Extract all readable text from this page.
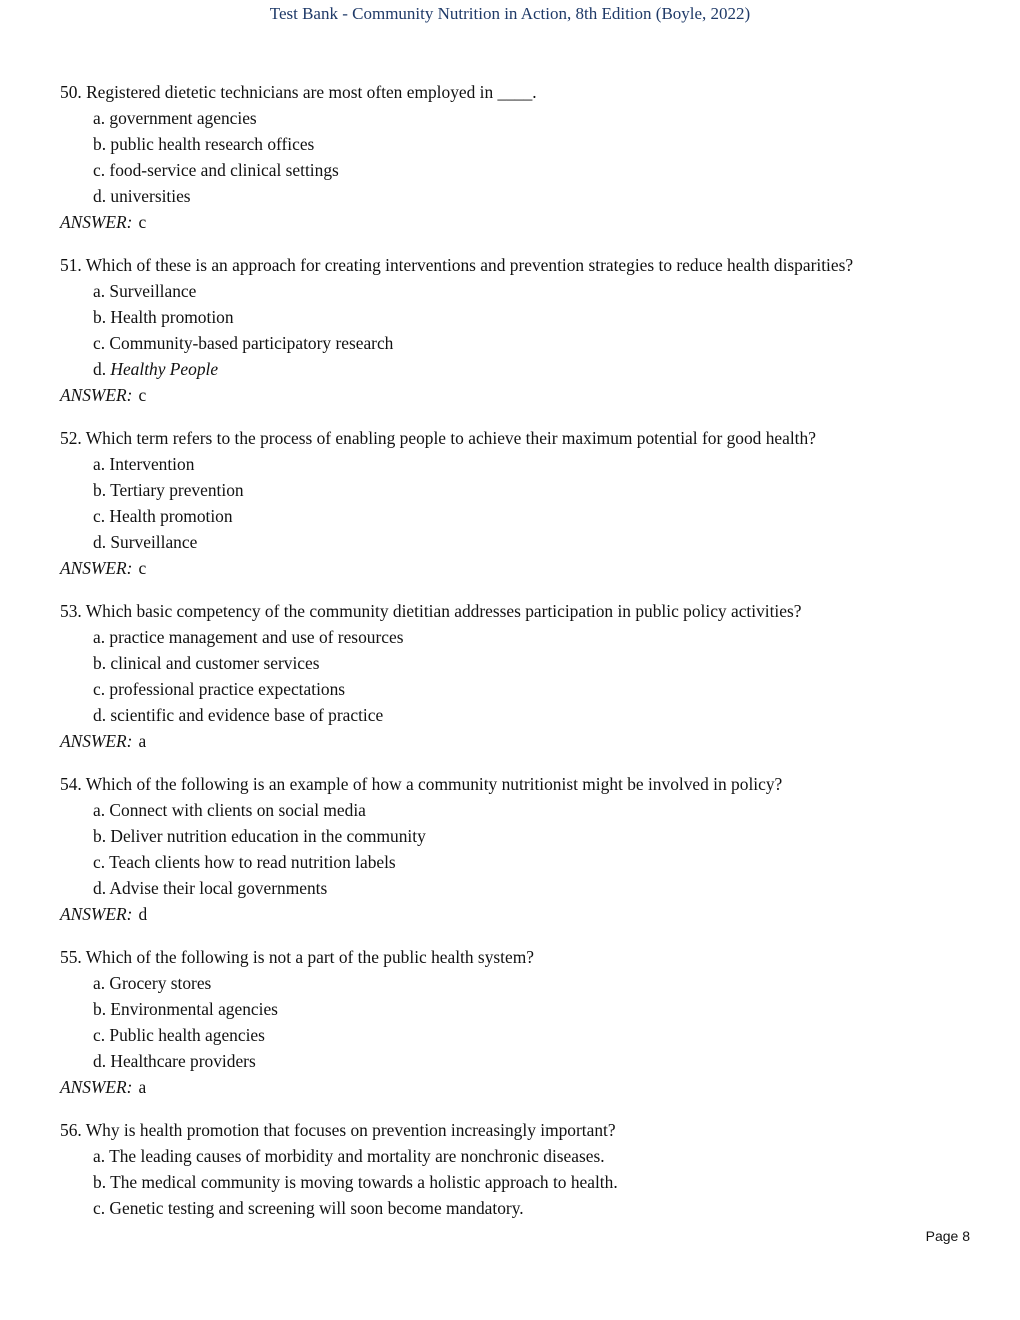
Test Bank - Community Nutrition in Action, 8th Edition (Boyle, 2022)
50. Registered dietetic technicians are most often employed in ____.
a. government agencies
b. public health research offices
c. food-service and clinical settings
d. universities
ANSWER: c
51. Which of these is an approach for creating interventions and prevention strategies to reduce health disparities?
a. Surveillance
b. Health promotion
c. Community-based participatory research
d. Healthy People
ANSWER: c
52. Which term refers to the process of enabling people to achieve their maximum potential for good health?
a. Intervention
b. Tertiary prevention
c. Health promotion
d. Surveillance
ANSWER: c
53. Which basic competency of the community dietitian addresses participation in public policy activities?
a. practice management and use of resources
b. clinical and customer services
c. professional practice expectations
d. scientific and evidence base of practice
ANSWER: a
54. Which of the following is an example of how a community nutritionist might be involved in policy?
a. Connect with clients on social media
b. Deliver nutrition education in the community
c. Teach clients how to read nutrition labels
d. Advise their local governments
ANSWER: d
55. Which of the following is not a part of the public health system?
a. Grocery stores
b. Environmental agencies
c. Public health agencies
d. Healthcare providers
ANSWER: a
56. Why is health promotion that focuses on prevention increasingly important?
a. The leading causes of morbidity and mortality are nonchronic diseases.
b. The medical community is moving towards a holistic approach to health.
c. Genetic testing and screening will soon become mandatory.
Page 8
